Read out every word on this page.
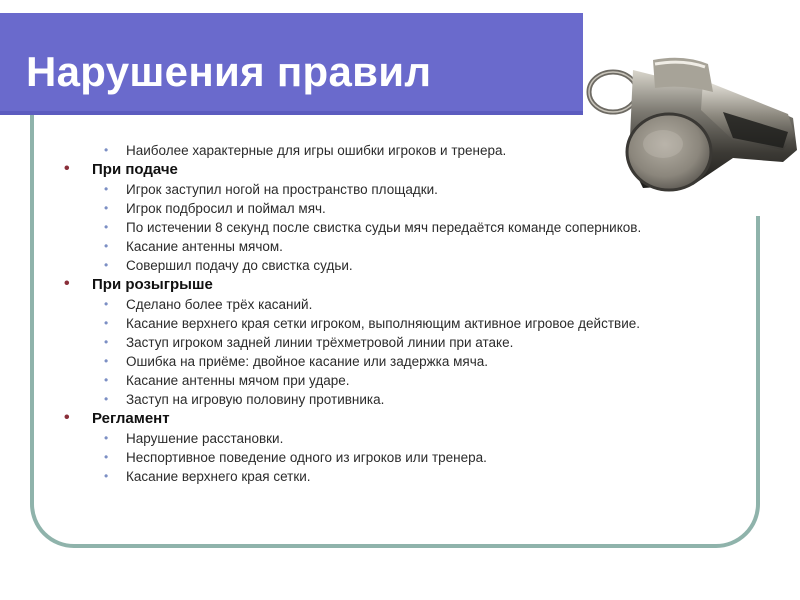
Нарушения правил
• Наиболее характерные для игры ошибки игроков и тренера.
• При подаче
• Игрок заступил ногой на пространство площадки.
• Игрок подбросил и поймал мяч.
• По истечении 8 секунд после свистка судьи мяч передаётся команде соперников.
• Касание антенны мячом.
• Совершил подачу до свистка судьи.
• При розыгрыше
• Сделано более трёх касаний.
• Касание верхнего края сетки игроком, выполняющим активное игровое действие.
• Заступ игроком задней линии трёхметровой линии при атаке.
• Ошибка на приёме: двойное касание или задержка мяча.
• Касание антенны мячом при ударе.
• Заступ на игровую половину противника.
• Регламент
• Нарушение расстановки.
• Неспортивное поведение одного из игроков или тренера.
• Касание верхнего края сетки.
